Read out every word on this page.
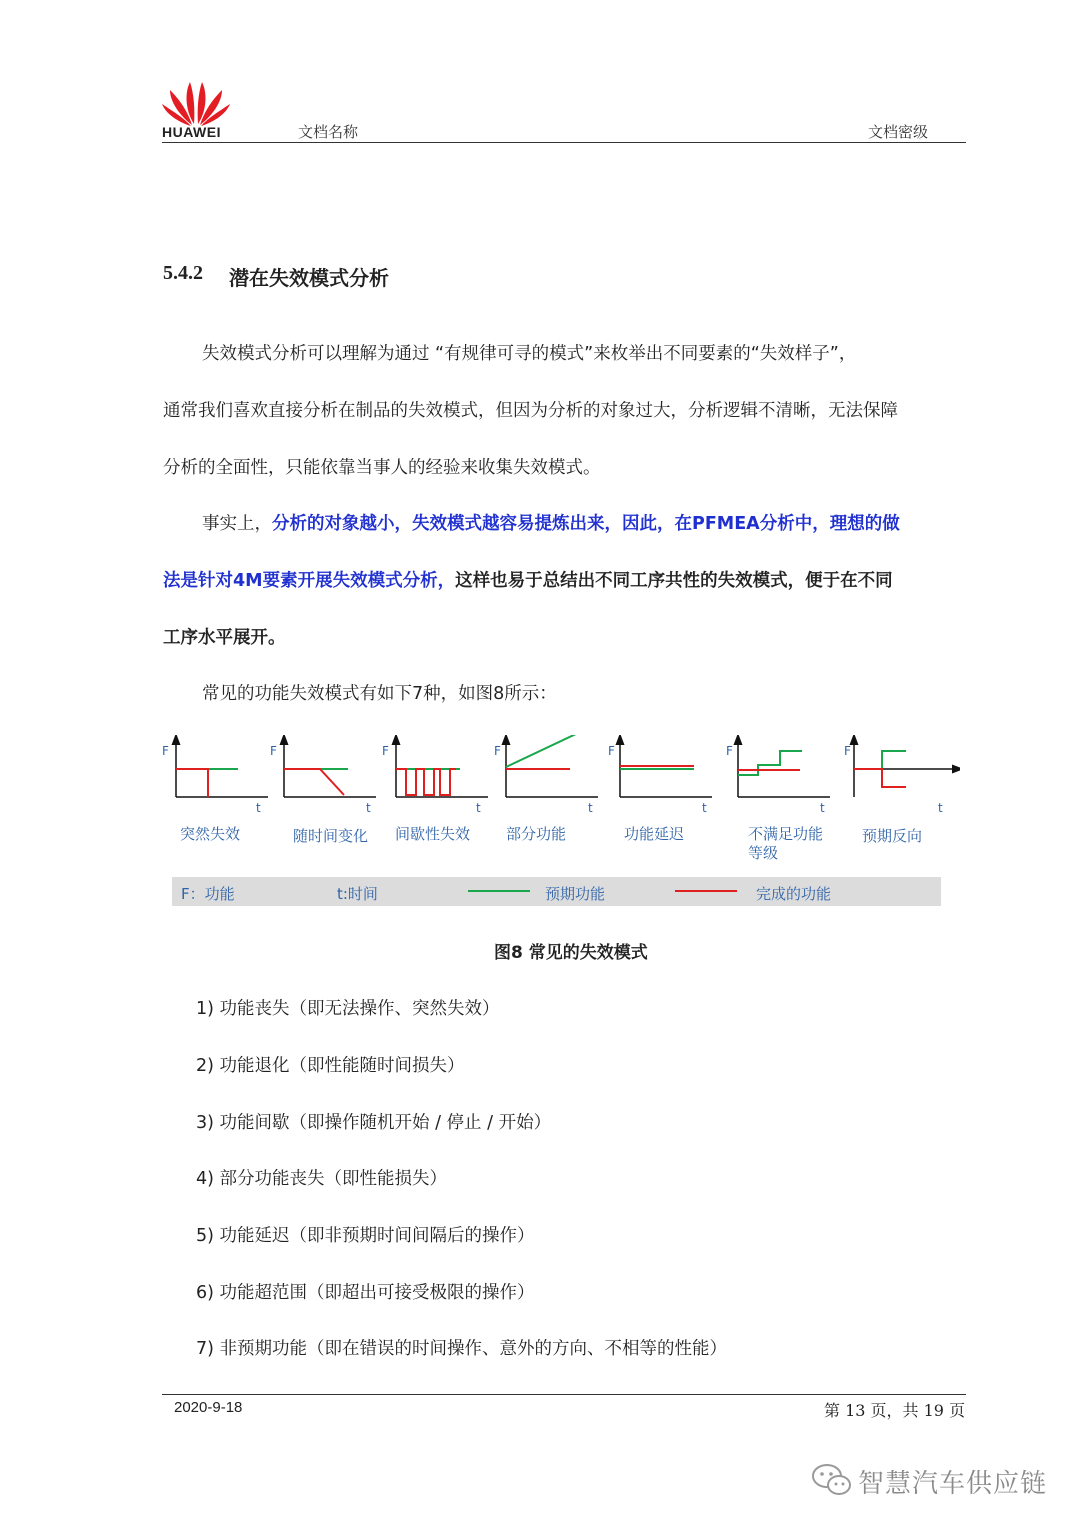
HUAWEI	文档名称	文档密级
5.4.2 潜在失效模式分析
失效模式分析可以理解为通过 “有规律可寻的模式”来枚举出不同要素的“失效样子”，
通常我们喜欢直接分析在制品的失效模式，但因为分析的对象过大，分析逻辑不清晰，无法保障
分析的全面性，只能依靠当事人的经验来收集失效模式。
事实上，分析的对象越小，失效模式越容易提炼出来，因此，在PFMEA分析中，理想的做
法是针对4M要素开展失效模式分析，这样也易于总结出不同工序共性的失效模式，便于在不同
工序水平展开。
常见的功能失效模式有如下7种，如图8所示：
F
t
F
t
F
t
F
t
F
t
F
t
F
t
突然失效	随时间变化 间歇性失效 部分功能	功能延迟	不满足功能
等级
预期反向
F：功能	t:时间	预期功能	完成的功能
图8 常见的失效模式
1) 功能丧失（即无法操作、突然失效）
2) 功能退化（即性能随时间损失）
3) 功能间歇（即操作随机开始 / 停止 / 开始）
4) 部分功能丧失（即性能损失）
5) 功能延迟（即非预期时间间隔后的操作）
6) 功能超范围（即超出可接受极限的操作）
7) 非预期功能（即在错误的时间操作、意外的方向、不相等的性能）
2020-9-18	第 13 页，共 19 页
智慧汽车供应链
